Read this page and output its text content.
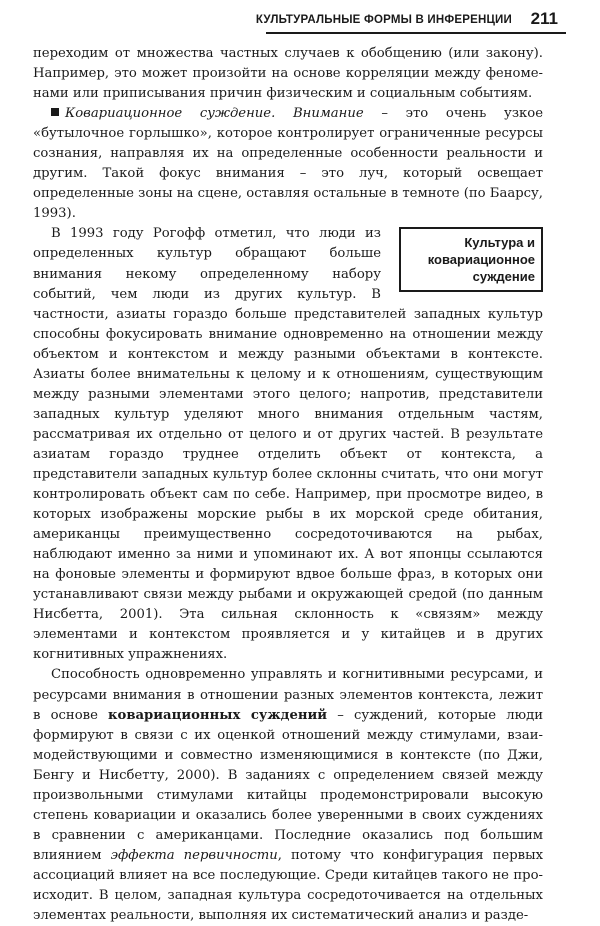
КУЛЬТУРАЛЬНЫЕ ФОРМЫ В ИНФЕРЕНЦИИ 211

переходим от множества частных случаев к обобщению (или закону). Например, это может произойти на основе корреляции между феноменами или приписывания причин физическим и социальным событиям.

Ковариационное суждение. Внимание – это очень узкое «бутылочное горлышко», которое контролирует ограниченные ресурсы сознания, направляя их на определенные особенности реальности и другим. Такой фокус внимания – это луч, который освещает определенные зоны на сцене, оставляя остальные в темноте (по Баарсу, 1993).

Культура и
ковариационное
суждение
В 1993 году Рогофф отметил, что люди из определенных культур обращают больше внимания некому определенному набору событий, чем люди из других культур. В частности, азиаты гораздо больше представителей западных культур способны фокусировать внимание одновременно на отношении между объектом и контекстом и между разными объектами в контексте. Азиаты более внимательны к целому и к отношениям, существующим между разными элементами этого целого; напротив, представители западных культур уделяют много внимания отдельным частям, рассматривая их отдельно от целого и от других частей. В результате азиатам гораздо труднее отделить объект от контекста, а представители западных культур более склонны считать, что они могут контролировать объект сам по себе. Например, при просмотре видео, в которых изображены морские рыбы в их морской среде обитания, американцы преимущественно сосредоточиваются на рыбах, наблюдают именно за ними и упоминают их. А вот японцы ссылаются на фоновые элементы и формируют вдвое больше фраз, в которых они устанавливают связи между рыбами и окружающей средой (по данным Нисбетта, 2001). Эта сильная склонность к «связям» между элементами и контекстом проявляется и у китайцев и в других когнитивных упражнениях.

Способность одновременно управлять и когнитивными ресурсами, и ресурсами внимания в отношении разных элементов контекста, лежит в основе ковариационных суждений – суждений, которые люди формируют в связи с их оценкой отношений между стимулами, взаимодействующими и совместно изменяющимися в контексте (по Джи, Бенгу и Нисбетту, 2000). В заданиях с определением связей между произвольными стимулами китайцы продемонстрировали высокую степень ковариации и оказались более уверенными в своих суждениях в сравнении с американцами. Последние оказались под большим влиянием эффекта первичности, потому что конфигурация первых ассоциаций влияет на все последующие. Среди китайцев такого не происходит. В целом, западная культура сосредоточивается на отдельных элементах реальности, выполняя их систематический анализ и разде-
